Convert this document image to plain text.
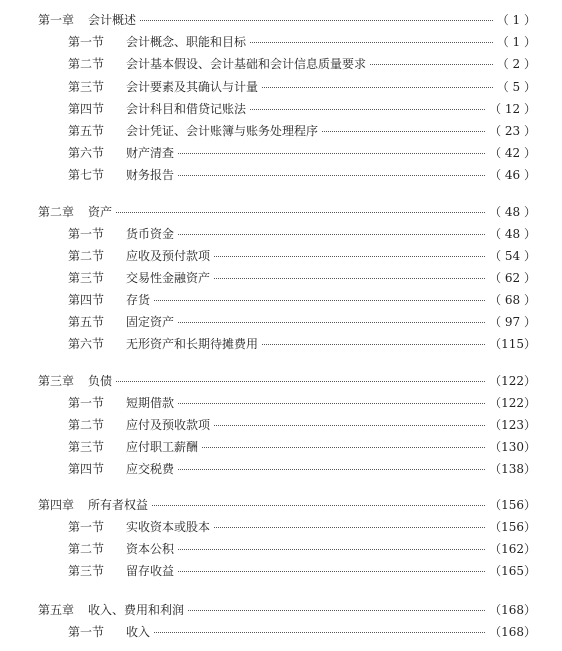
第一章 会计概述	（ 1 ）
第一节 会计概念、职能和目标	（ 1 ）
第二节 会计基本假设、会计基础和会计信息质量要求	（ 2 ）
第三节 会计要素及其确认与计量	（ 5 ）
第四节 会计科目和借贷记账法	（ 12 ）
第五节 会计凭证、会计账簿与账务处理程序	（ 23 ）
第六节 财产清查	（ 42 ）
第七节 财务报告	（ 46 ）
第二章 资产	（ 48 ）
第一节 货币资金	（ 48 ）
第二节 应收及预付款项	（ 54 ）
第三节 交易性金融资产	（ 62 ）
第四节 存货	（ 68 ）
第五节 固定资产	（ 97 ）
第六节 无形资产和长期待摊费用	（115）
第三章 负债	（122）
第一节 短期借款	（122）
第二节 应付及预收款项	（123）
第三节 应付职工薪酬	（130）
第四节 应交税费	（138）
第四章 所有者权益	（156）
第一节 实收资本或股本	（156）
第二节 资本公积	（162）
第三节 留存收益	（165）
第五章 收入、费用和利润	（168）
第一节 收入	（168）
